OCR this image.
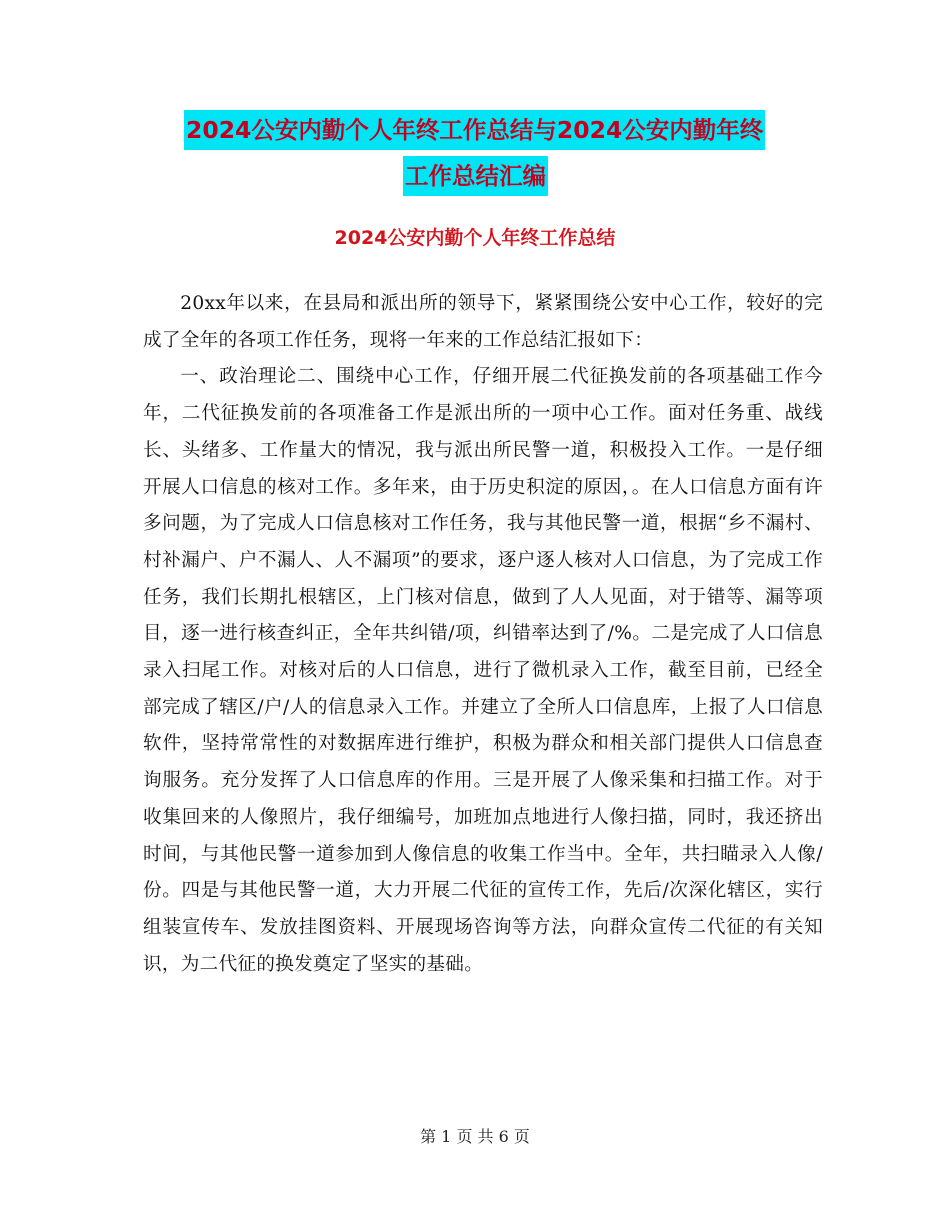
2024公安内勤个人年终工作总结与2024公安内勤年终
工作总结汇编
2024公安内勤个人年终工作总结

20xx年以来，在县局和派出所的领导下，紧紧围绕公安中心工作，较好的完成了全年的各项工作任务，现将一年来的工作总结汇报如下：

一、政治理论二、围绕中心工作，仔细开展二代征换发前的各项基础工作今年，二代征换发前的各项准备工作是派出所的一项中心工作。面对任务重、战线长、头绪多、工作量大的情况，我与派出所民警一道，积极投入工作。一是仔细开展人口信息的核对工作。多年来，由于历史积淀的原因，。在人口信息方面有许多问题，为了完成人口信息核对工作任务，我与其他民警一道，根据“乡不漏村、村补漏户、户不漏人、人不漏项”的要求，逐户逐人核对人口信息，为了完成工作任务，我们长期扎根辖区，上门核对信息，做到了人人见面，对于错等、漏等项目，逐一进行核查纠正，全年共纠错/项，纠错率达到了/%。二是完成了人口信息录入扫尾工作。对核对后的人口信息，进行了微机录入工作，截至目前，已经全部完成了辖区/户/人的信息录入工作。并建立了全所人口信息库，上报了人口信息软件，坚持常常性的对数据库进行维护，积极为群众和相关部门提供人口信息查询服务。充分发挥了人口信息库的作用。三是开展了人像采集和扫描工作。对于收集回来的人像照片，我仔细编号，加班加点地进行人像扫描，同时，我还挤出时间，与其他民警一道参加到人像信息的收集工作当中。全年，共扫瞄录入人像/份。四是与其他民警一道，大力开展二代征的宣传工作，先后/次深化辖区，实行组装宣传车、发放挂图资料、开展现场咨询等方法，向群众宣传二代征的有关知识，为二代征的换发奠定了坚实的基础。

第 1 页 共 6 页
